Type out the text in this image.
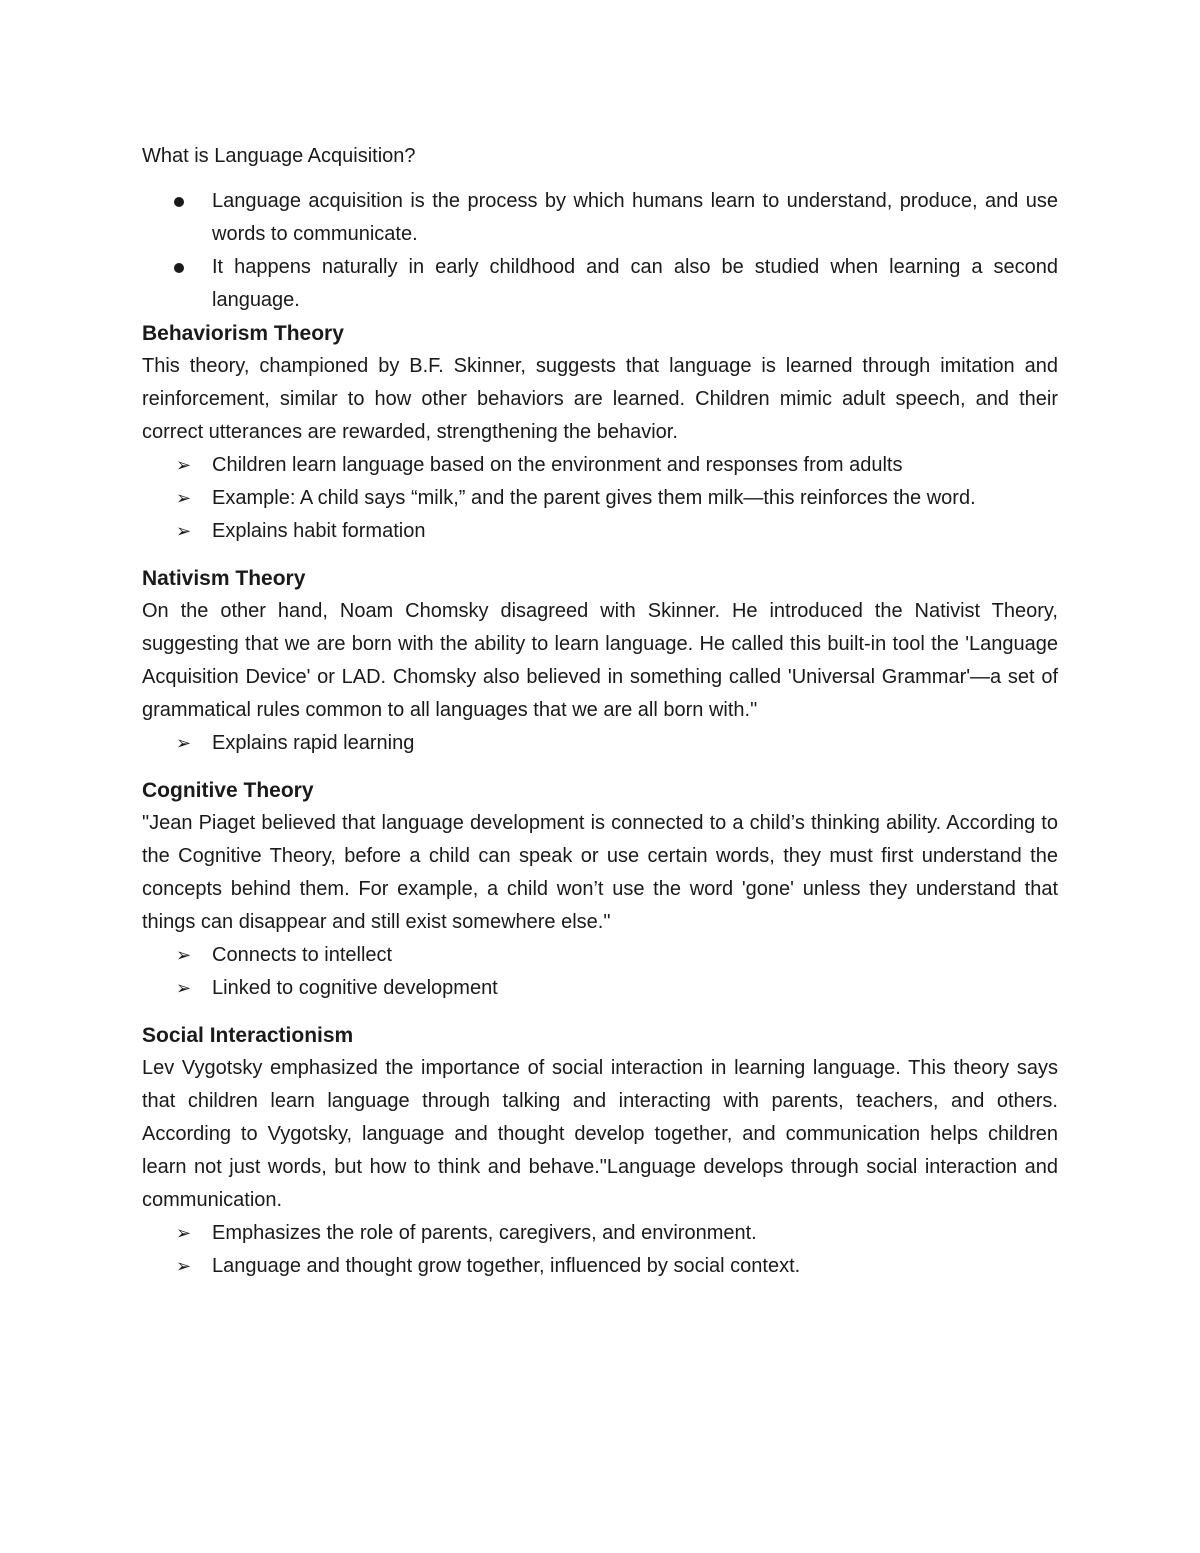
What is Language Acquisition?

Language acquisition is the process by which humans learn to understand, produce, and use words to communicate.
It happens naturally in early childhood and can also be studied when learning a second language.
Behaviorism Theory

This theory, championed by B.F. Skinner, suggests that language is learned through imitation and reinforcement, similar to how other behaviors are learned. Children mimic adult speech, and their correct utterances are rewarded, strengthening the behavior.

➢ Children learn language based on the environment and responses from adults
➢ Example: A child says “milk,” and the parent gives them milk—this reinforces the word.
➢ Explains habit formation
Nativism Theory

On the other hand, Noam Chomsky disagreed with Skinner. He introduced the Nativist Theory, suggesting that we are born with the ability to learn language. He called this built-in tool the 'Language Acquisition Device' or LAD. Chomsky also believed in something called 'Universal Grammar'—a set of grammatical rules common to all languages that we are all born with."

➢ Explains rapid learning
Cognitive Theory

"Jean Piaget believed that language development is connected to a child’s thinking ability. According to the Cognitive Theory, before a child can speak or use certain words, they must first understand the concepts behind them. For example, a child won’t use the word 'gone' unless they understand that things can disappear and still exist somewhere else."

➢ Connects to intellect
➢ Linked to cognitive development
Social Interactionism

Lev Vygotsky emphasized the importance of social interaction in learning language. This theory says that children learn language through talking and interacting with parents, teachers, and others. According to Vygotsky, language and thought develop together, and communication helps children learn not just words, but how to think and behave."Language develops through social interaction and communication.

➢ Emphasizes the role of parents, caregivers, and environment.
➢ Language and thought grow together, influenced by social context.
